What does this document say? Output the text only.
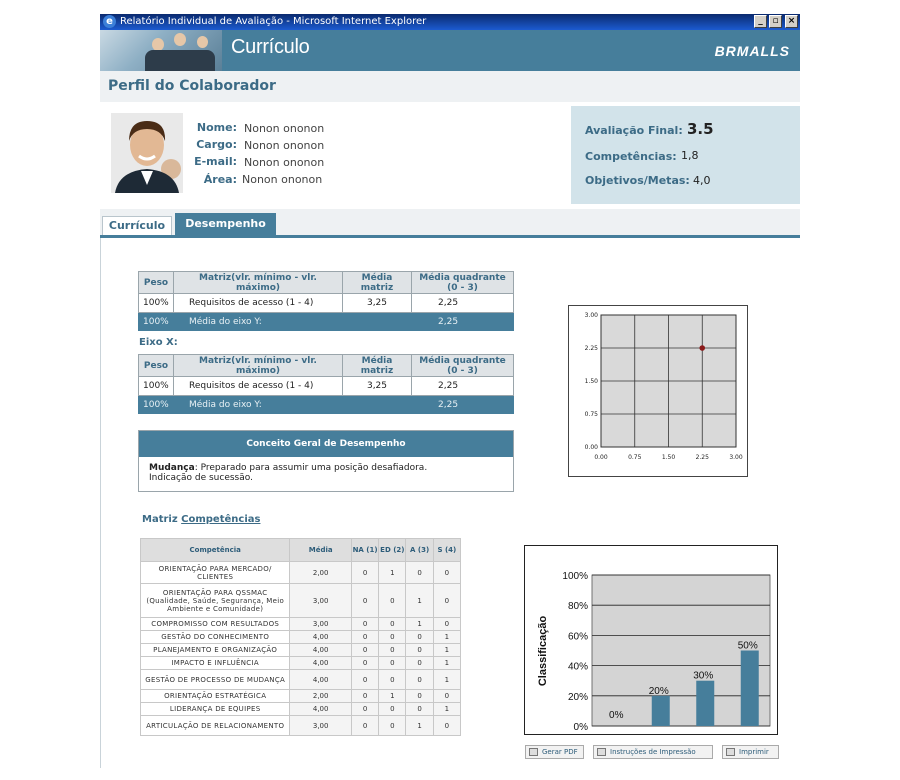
e Relatório Individual de Avaliação - Microsoft Internet Explorer	_	▫	×
Currículo	BRMALLS
Perfil do Colaborador
Nome: Nonon ononon
Cargo: Nonon ononon
E-mail: Nonon ononon
Área: Nonon ononon
Avaliação Final: 3.5
Competências: 1,8
Objetivos/Metas: 4,0
Currículo	Desempenho
Peso	Matriz(vlr. mínimo - vlr. máximo)	Média matriz	Média quadrante (0 - 3)
100%	Requisitos de acesso (1 - 4)	3,25	2,25
100%	Média do eixo Y:		2,25
Eixo X:
Peso	Matriz(vlr. mínimo - vlr. máximo)	Média matriz	Média quadrante (0 - 3)
100%	Requisitos de acesso (1 - 4)	3,25	2,25
100%	Média do eixo Y:		2,25
Conceito Geral de Desempenho
Mudança: Preparado para assumir uma posição desafiadora.
Indicação de sucessão.
0.00
0.00
0.75
0.75
1.50
1.50
2.25
2.25
3.00
3.00
Matriz Competências
Competência	Média	NA (1)	ED (2)	A (3)	S (4)
ORIENTAÇÃO PARA MERCADO/ CLIENTES	2,00	0	1	0	0
ORIENTAÇÃO PARA QSSMAC (Qualidade, Saúde, Segurança, Meio Ambiente e Comunidade)	3,00	0	0	1	0
COMPROMISSO COM RESULTADOS	3,00	0	0	1	0
GESTÃO DO CONHECIMENTO	4,00	0	0	0	1
PLANEJAMENTO E ORGANIZAÇÃO	4,00	0	0	0	1
IMPACTO E INFLUÊNCIA	4,00	0	0	0	1
GESTÃO DE PROCESSO DE MUDANÇA	4,00	0	0	0	1
ORIENTAÇÃO ESTRATÉGICA	2,00	0	1	0	0
LIDERANÇA DE EQUIPES	4,00	0	0	0	1
ARTICULAÇÃO DE RELACIONAMENTO	3,00	0	0	1	0	0%
20%
40%
60%
80%
100%
Classificação
0%
20%
30%
50%
Gerar PDF	Instruções de Impressão	Imprimir
